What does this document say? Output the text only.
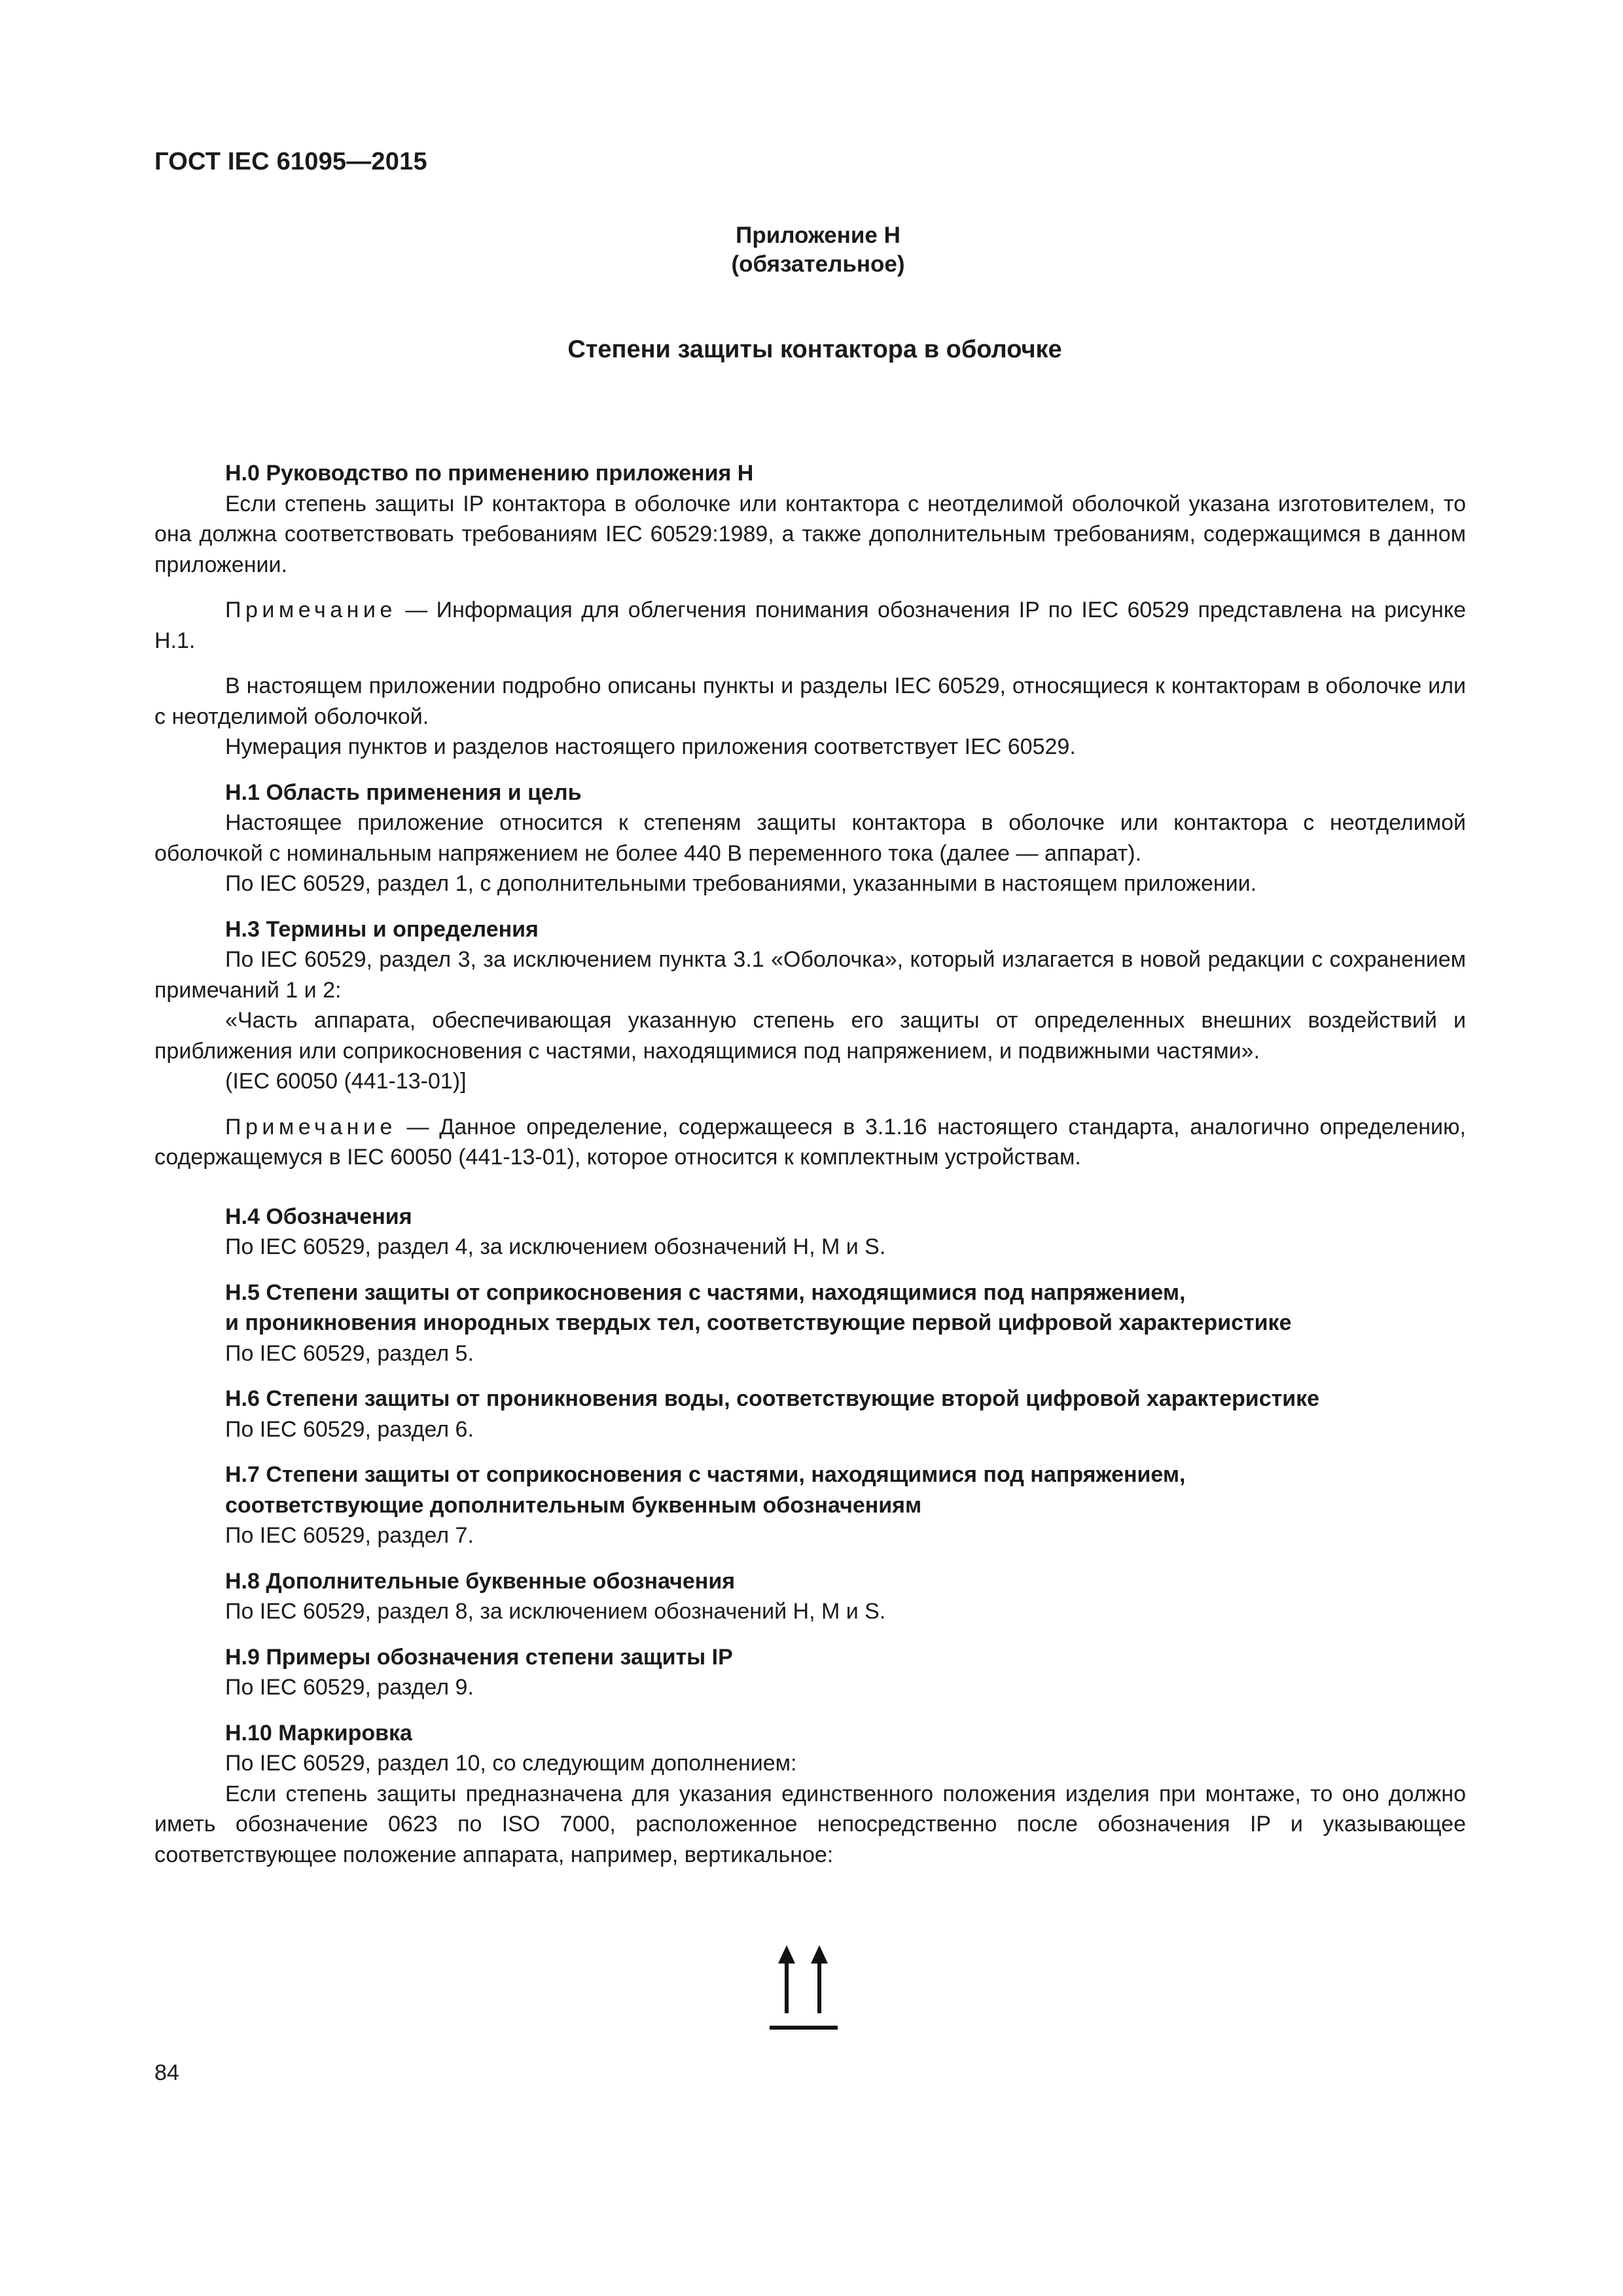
ГОСТ IEC 61095—2015
Приложение Н
(обязательное)
Степени защиты контактора в оболочке
Н.0 Руководство по применению приложения Н

Если степень защиты IP контактора в оболочке или контактора с неотделимой оболочкой указана изготовителем, то она должна соответствовать требованиям IEC 60529:1989, а также дополнительным требованиям, содержащимся в данном приложении.

Примечание — Информация для облегчения понимания обозначения IP по IEC 60529 представлена на рисунке Н.1.

В настоящем приложении подробно описаны пункты и разделы IEC 60529, относящиеся к контакторам в оболочке или с неотделимой оболочкой.

Нумерация пунктов и разделов настоящего приложения соответствует IEC 60529.

Н.1 Область применения и цель

Настоящее приложение относится к степеням защиты контактора в оболочке или контактора с неотделимой оболочкой с номинальным напряжением не более 440 В переменного тока (далее — аппарат).

По IEC 60529, раздел 1, с дополнительными требованиями, указанными в настоящем приложении.

Н.3 Термины и определения

По IEC 60529, раздел 3, за исключением пункта 3.1 «Оболочка», который излагается в новой редакции с сохранением примечаний 1 и 2:

«Часть аппарата, обеспечивающая указанную степень его защиты от определенных внешних воздействий и приближения или соприкосновения с частями, находящимися под напряжением, и подвижными частями».

(IEC 60050 (441-13-01)]

Примечание — Данное определение, содержащееся в 3.1.16 настоящего стандарта, аналогично определению, содержащемуся в IEC 60050 (441-13-01), которое относится к комплектным устройствам.

Н.4 Обозначения

По IEC 60529, раздел 4, за исключением обозначений Н, М и S.

Н.5 Степени защиты от соприкосновения с частями, находящимися под напряжением,
и проникновения инородных твердых тел, соответствующие первой цифровой характеристике

По IEC 60529, раздел 5.

Н.6 Степени защиты от проникновения воды, соответствующие второй цифровой характеристике

По IEC 60529, раздел 6.

Н.7 Степени защиты от соприкосновения с частями, находящимися под напряжением,
соответствующие дополнительным буквенным обозначениям

По IEC 60529, раздел 7.

Н.8 Дополнительные буквенные обозначения

По IEC 60529, раздел 8, за исключением обозначений Н, М и S.

Н.9 Примеры обозначения степени защиты IP

По IEC 60529, раздел 9.

Н.10 Маркировка

По IEC 60529, раздел 10, со следующим дополнением:

Если степень защиты предназначена для указания единственного положения изделия при монтаже, то оно должно иметь обозначение 0623 по ISO 7000, расположенное непосредственно после обозначения IP и указывающее соответствующее положение аппарата, например, вертикальное:

84
